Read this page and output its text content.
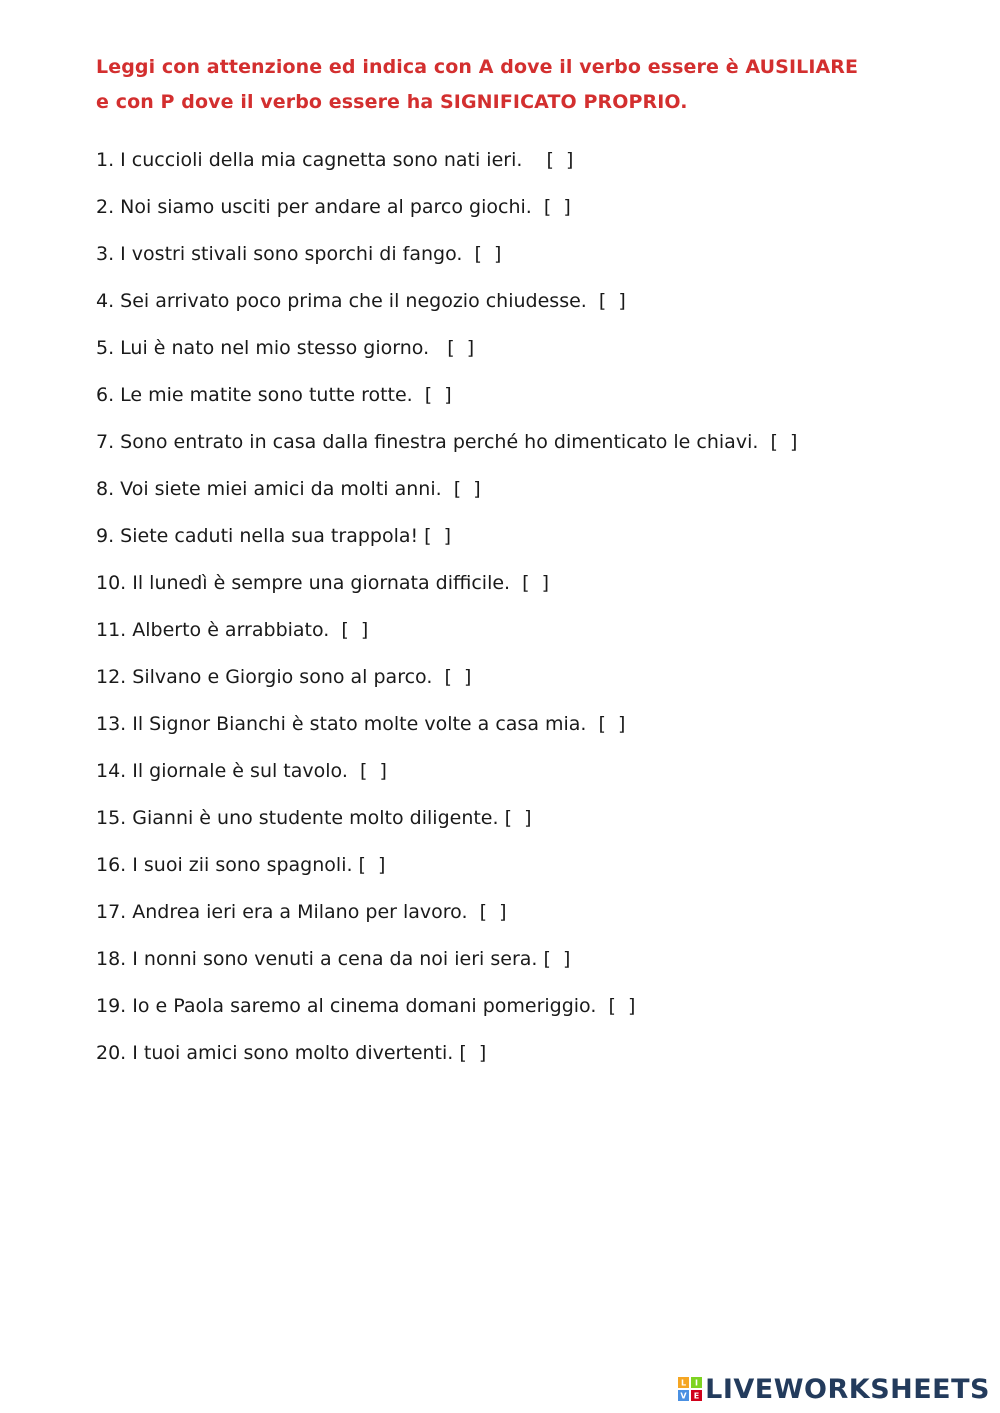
Leggi con attenzione ed indica con A dove il verbo essere è AUSILIARE
e con P dove il verbo essere ha SIGNIFICATO PROPRIO.
1. I cuccioli della mia cagnetta sono nati ieri.    [  ]
2. Noi siamo usciti per andare al parco giochi.  [  ]
3. I vostri stivali sono sporchi di fango.  [  ]
4. Sei arrivato poco prima che il negozio chiudesse.  [  ]
5. Lui è nato nel mio stesso giorno.   [  ]
6. Le mie matite sono tutte rotte.  [  ]
7. Sono entrato in casa dalla finestra perché ho dimenticato le chiavi.  [  ]
8. Voi siete miei amici da molti anni.  [  ]
9. Siete caduti nella sua trappola! [  ]
10. Il lunedì è sempre una giornata difficile.  [  ]
11. Alberto è arrabbiato.  [  ]
12. Silvano e Giorgio sono al parco.  [  ]
13. Il Signor Bianchi è stato molte volte a casa mia.  [  ]
14. Il giornale è sul tavolo.  [  ]
15. Gianni è uno studente molto diligente. [  ]
16. I suoi zii sono spagnoli. [  ]
17. Andrea ieri era a Milano per lavoro.  [  ]
18. I nonni sono venuti a cena da noi ieri sera. [  ]
19. Io e Paola saremo al cinema domani pomeriggio.  [  ]
20. I tuoi amici sono molto divertenti. [  ]
L I
V E LIVEWORKSHEETS
